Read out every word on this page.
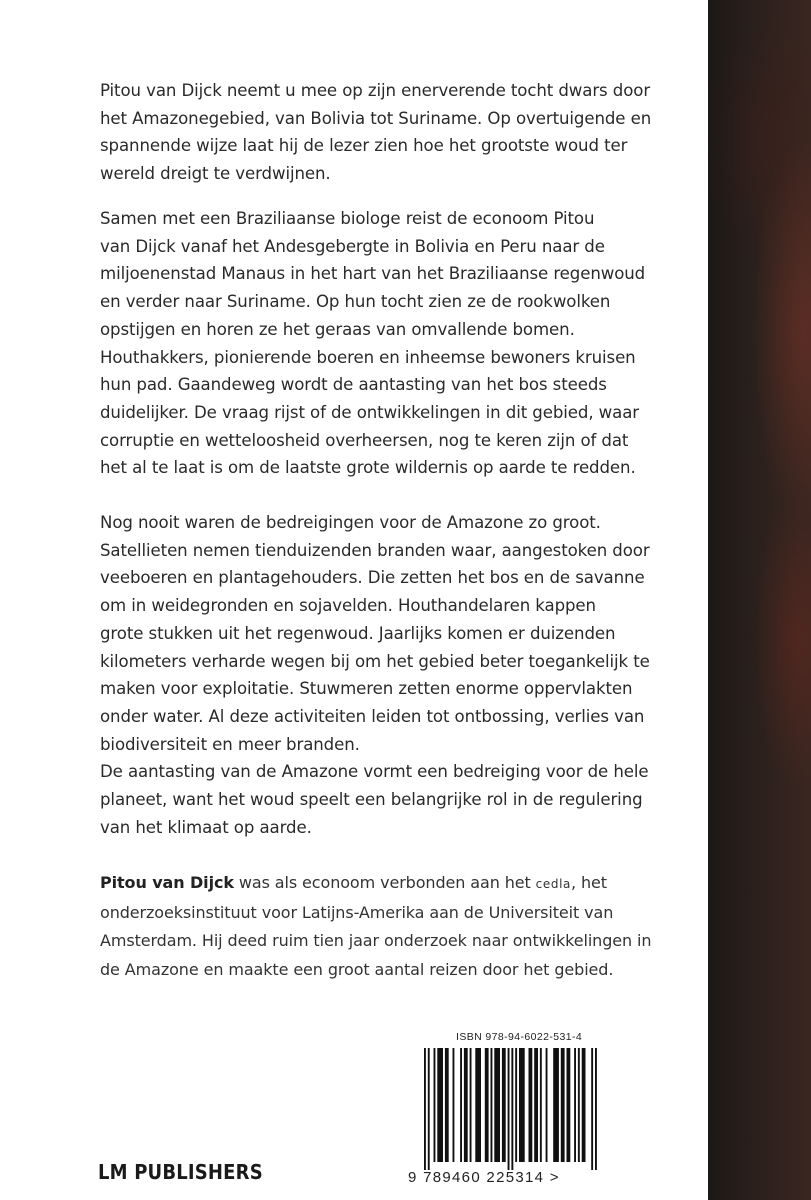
Pitou van Dijck neemt u mee op zijn enerverende tocht dwars door
het Amazonegebied, van Bolivia tot Suriname. Op overtuigende en
spannende wijze laat hij de lezer zien hoe het grootste woud ter
wereld dreigt te verdwijnen.
Samen met een Braziliaanse biologe reist de econoom Pitou
van Dijck vanaf het Andesgebergte in Bolivia en Peru naar de
miljoenenstad Manaus in het hart van het Braziliaanse regenwoud
en verder naar Suriname. Op hun tocht zien ze de rookwolken
opstijgen en horen ze het geraas van omvallende bomen.
Houthakkers, pionierende boeren en inheemse bewoners kruisen
hun pad. Gaandeweg wordt de aantasting van het bos steeds
duidelijker. De vraag rijst of de ontwikkelingen in dit gebied, waar
corruptie en wetteloosheid overheersen, nog te keren zijn of dat
het al te laat is om de laatste grote wildernis op aarde te redden.
Nog nooit waren de bedreigingen voor de Amazone zo groot.
Satellieten nemen tienduizenden branden waar, aangestoken door
veeboeren en plantagehouders. Die zetten het bos en de savanne
om in weidegronden en sojavelden. Houthandelaren kappen
grote stukken uit het regenwoud. Jaarlijks komen er duizenden
kilometers verharde wegen bij om het gebied beter toegankelijk te
maken voor exploitatie. Stuwmeren zetten enorme oppervlakten
onder water. Al deze activiteiten leiden tot ontbossing, verlies van
biodiversiteit en meer branden.
De aantasting van de Amazone vormt een bedreiging voor de hele
planeet, want het woud speelt een belangrijke rol in de regulering
van het klimaat op aarde.
Pitou van Dijck was als econoom verbonden aan het cedla, het
onderzoeksinstituut voor Latijns-Amerika aan de Universiteit van
Amsterdam. Hij deed ruim tien jaar onderzoek naar ontwikkelingen in
de Amazone en maakte een groot aantal reizen door het gebied.
ISBN 978-94-6022-531-4
9 789460 225314 >
LM PUBLISHERS
